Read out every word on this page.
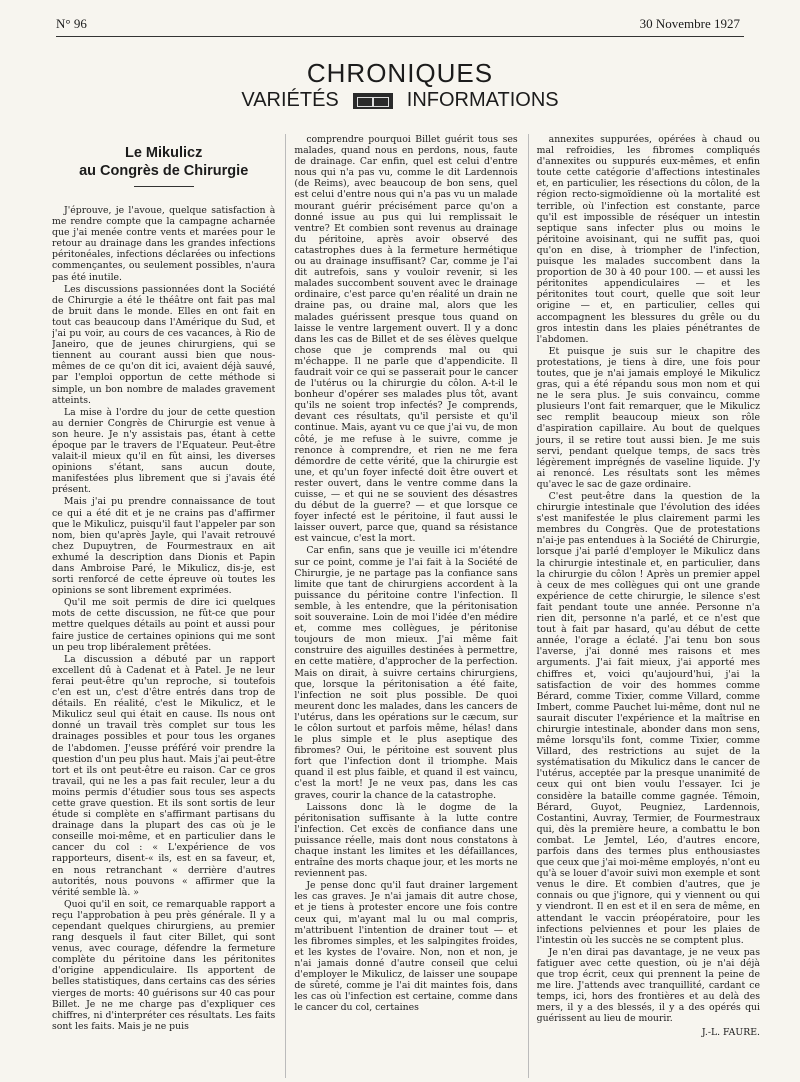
N° 96	30 Novembre 1927
CHRONIQUES
VARIÉTÉS	INFORMATIONS
Le Mikulicz
au Congrès de Chirurgie

J'éprouve, je l'avoue, quelque satisfaction à me rendre compte que la campagne acharnée que j'ai menée contre vents et marées pour le retour au drainage dans les grandes infections péritonéales, infections déclarées ou infections commençantes, ou seulement possibles, n'aura pas été inutile.

Les discussions passionnées dont la Société de Chirurgie a été le théâtre ont fait pas mal de bruit dans le monde. Elles en ont fait en tout cas beaucoup dans l'Amérique du Sud, et j'ai pu voir, au cours de ces vacances, à Rio de Janeiro, que de jeunes chirurgiens, qui se tiennent au courant aussi bien que nous-mêmes de ce qu'on dit ici, avaient déjà sauvé, par l'emploi opportun de cette méthode si simple, un bon nombre de malades gravement atteints.

La mise à l'ordre du jour de cette question au dernier Congrès de Chirurgie est venue à son heure. Je n'y assistais pas, étant à cette époque par le travers de l'Equateur. Peut-être valait-il mieux qu'il en fût ainsi, les diverses opinions s'étant, sans aucun doute, manifestées plus librement que si j'avais été présent.

Mais j'ai pu prendre connaissance de tout ce qui a été dit et je ne crains pas d'affirmer que le Mikulicz, puisqu'il faut l'appeler par son nom, bien qu'après Jayle, qui l'avait retrouvé chez Dupuytren, de Fourmestraux en ait exhumé la description dans Dionis et Papin dans Ambroise Paré, le Mikulicz, dis-je, est sorti renforcé de cette épreuve où toutes les opinions se sont librement exprimées.

Qu'il me soit permis de dire ici quelques mots de cette discussion, ne fût-ce que pour mettre quelques détails au point et aussi pour faire justice de certaines opinions qui me sont un peu trop libéralement prêtées.

La discussion a débuté par un rapport excellent dû à Cadenat et à Patel. Je ne leur ferai peut-être qu'un reproche, si toutefois c'en est un, c'est d'être entrés dans trop de détails. En réalité, c'est le Mikulicz, et le Mikulicz seul qui était en cause. Ils nous ont donné un travail très complet sur tous les drainages possibles et pour tous les organes de l'abdomen. J'eusse préféré voir prendre la question d'un peu plus haut. Mais j'ai peut-être tort et ils ont peut-être eu raison. Car ce gros travail, qui ne les a pas fait reculer, leur a du moins permis d'étudier sous tous ses aspects cette grave question. Et ils sont sortis de leur étude si complète en s'affirmant partisans du drainage dans la plupart des cas où je le conseille moi-même, et en particulier dans le cancer du col : « L'expérience de vos rapporteurs, disent-« ils, est en sa faveur, et, en nous retranchant « derrière d'autres autorités, nous pouvons « affirmer que la vérité semble là. »

Quoi qu'il en soit, ce remarquable rapport a reçu l'approbation à peu près générale. Il y a cependant quelques chirurgiens, au premier rang desquels il faut citer Billet, qui sont venus, avec courage, défendre la fermeture complète du péritoine dans les péritonites d'origine appendiculaire. Ils apportent de belles statistiques, dans certains cas des séries vierges de morts: 40 guérisons sur 40 cas pour Billet. Je ne me charge pas d'expliquer ces chiffres, ni d'interpréter ces résultats. Les faits sont les faits. Mais je ne puis

comprendre pourquoi Billet guérit tous ses malades, quand nous en perdons, nous, faute de drainage. Car enfin, quel est celui d'entre nous qui n'a pas vu, comme le dit Lardennois (de Reims), avec beaucoup de bon sens, quel est celui d'entre nous qui n'a pas vu un malade mourant guérir précisément parce qu'on a donné issue au pus qui lui remplissait le ventre? Et combien sont revenus au drainage du péritoine, après avoir observé des catastrophes dues à la fermeture hermétique ou au drainage insuffisant? Car, comme je l'ai dit autrefois, sans y vouloir revenir, si les malades succombent souvent avec le drainage ordinaire, c'est parce qu'en réalité un drain ne draine pas, ou draine mal, alors que les malades guérissent presque tous quand on laisse le ventre largement ouvert. Il y a donc dans les cas de Billet et de ses élèves quelque chose que je comprends mal ou qui m'échappe. Il ne parle que d'appendicite. Il faudrait voir ce qui se passerait pour le cancer de l'utérus ou la chirurgie du côlon. A-t-il le bonheur d'opérer ses malades plus tôt, avant qu'ils ne soient trop infectés? Je comprends, devant ces résultats, qu'il persiste et qu'il continue. Mais, ayant vu ce que j'ai vu, de mon côté, je me refuse à le suivre, comme je renonce à comprendre, et rien ne me fera démordre de cette vérité, que la chirurgie est une, et qu'un foyer infecté doit être ouvert et rester ouvert, dans le ventre comme dans la cuisse, — et qui ne se souvient des désastres du début de la guerre? — et que lorsque ce foyer infecté est le péritoine, il faut aussi le laisser ouvert, parce que, quand sa résistance est vaincue, c'est la mort.

Car enfin, sans que je veuille ici m'étendre sur ce point, comme je l'ai fait à la Société de Chirurgie, je ne partage pas la confiance sans limite que tant de chirurgiens accordent à la puissance du péritoine contre l'infection. Il semble, à les entendre, que la péritonisation soit souveraine. Loin de moi l'idée d'en médire et, comme mes collègues, je péritonise toujours de mon mieux. J'ai même fait construire des aiguilles destinées à permettre, en cette matière, d'approcher de la perfection. Mais on dirait, à suivre certains chirurgiens, que, lorsque la péritonisation a été faite, l'infection ne soit plus possible. De quoi meurent donc les malades, dans les cancers de l'utérus, dans les opérations sur le cæcum, sur le côlon surtout et parfois même, hélas! dans le plus simple et le plus aseptique des fibromes? Oui, le péritoine est souvent plus fort que l'infection dont il triomphe. Mais quand il est plus faible, et quand il est vaincu, c'est la mort! Je ne veux pas, dans les cas graves, courir la chance de la catastrophe.

Laissons donc là le dogme de la péritonisation suffisante à la lutte contre l'infection. Cet excès de confiance dans une puissance réelle, mais dont nous constatons à chaque instant les limites et les défaillances, entraîne des morts chaque jour, et les morts ne reviennent pas.

Je pense donc qu'il faut drainer largement les cas graves. Je n'ai jamais dit autre chose, et je tiens à protester encore une fois contre ceux qui, m'ayant mal lu ou mal compris, m'attribuent l'intention de drainer tout — et les fibromes simples, et les salpingites froides, et les kystes de l'ovaire. Non, non et non, je n'ai jamais donné d'autre conseil que celui d'employer le Mikulicz, de laisser une soupape de sûreté, comme je l'ai dit maintes fois, dans les cas où l'infection est certaine, comme dans le cancer du col, certaines

annexites suppurées, opérées à chaud ou mal refroidies, les fibromes compliqués d'annexites ou suppurés eux-mêmes, et enfin toute cette catégorie d'affections intestinales et, en particulier, les résections du côlon, de la région recto-sigmoïdienne où la mortalité est terrible, où l'infection est constante, parce qu'il est impossible de réséquer un intestin septique sans infecter plus ou moins le péritoine avoisinant, qui ne suffit pas, quoi qu'on en dise, à triompher de l'infection, puisque les malades succombent dans la proportion de 30 à 40 pour 100. — et aussi les péritonites appendiculaires — et les péritonites tout court, quelle que soit leur origine — et, en particulier, celles qui accompagnent les blessures du grêle ou du gros intestin dans les plaies pénétrantes de l'abdomen.

Et puisque je suis sur le chapitre des protestations, je tiens à dire, une fois pour toutes, que je n'ai jamais employé le Mikulicz gras, qui a été répandu sous mon nom et qui ne le sera plus. Je suis convaincu, comme plusieurs l'ont fait remarquer, que le Mikulicz sec remplit beaucoup mieux son rôle d'aspiration capillaire. Au bout de quelques jours, il se retire tout aussi bien. Je me suis servi, pendant quelque temps, de sacs très légèrement imprégnés de vaseline liquide. J'y ai renoncé. Les résultats sont les mêmes qu'avec le sac de gaze ordinaire.

C'est peut-être dans la question de la chirurgie intestinale que l'évolution des idées s'est manifestée le plus clairement parmi les membres du Congrès. Que de protestations n'ai-je pas entendues à la Société de Chirurgie, lorsque j'ai parlé d'employer le Mikulicz dans la chirurgie intestinale et, en particulier, dans la chirurgie du côlon ! Après un premier appel à ceux de mes collègues qui ont une grande expérience de cette chirurgie, le silence s'est fait pendant toute une année. Personne n'a rien dit, personne n'a parlé, et ce n'est que tout à fait par hasard, qu'au début de cette année, l'orage a éclaté. J'ai tenu bon sous l'averse, j'ai donné mes raisons et mes arguments. J'ai fait mieux, j'ai apporté mes chiffres et, voici qu'aujourd'hui, j'ai la satisfaction de voir des hommes comme Bérard, comme Tixier, comme Villard, comme Imbert, comme Pauchet lui-même, dont nul ne saurait discuter l'expérience et la maîtrise en chirurgie intestinale, abonder dans mon sens, même lorsqu'ils font, comme Tixier, comme Villard, des restrictions au sujet de la systématisation du Mikulicz dans le cancer de l'utérus, acceptée par la presque unanimité de ceux qui ont bien voulu l'essayer. Ici je considère la bataille comme gagnée. Témoin, Bérard, Guyot, Peugniez, Lardennois, Costantini, Auvray, Termier, de Fourmestraux qui, dès la première heure, a combattu le bon combat. Le Jemtel, Léo, d'autres encore, parfois dans des termes plus enthousiastes que ceux que j'ai moi-même employés, n'ont eu qu'à se louer d'avoir suivi mon exemple et sont venus le dire. Et combien d'autres, que je connais ou que j'ignore, qui y viennent ou qui y viendront. Il en est et il en sera de même, en attendant le vaccin préopératoire, pour les infections pelviennes et pour les plaies de l'intestin où les succès ne se comptent plus.

Je n'en dirai pas davantage, je ne veux pas fatiguer avec cette question, où je n'ai déjà que trop écrit, ceux qui prennent la peine de me lire. J'attends avec tranquillité, cardant ce temps, ici, hors des frontières et au delà des mers, il y a des blessés, il y a des opérés qui guérissent au lieu de mourir.

J.-L. FAURE.
